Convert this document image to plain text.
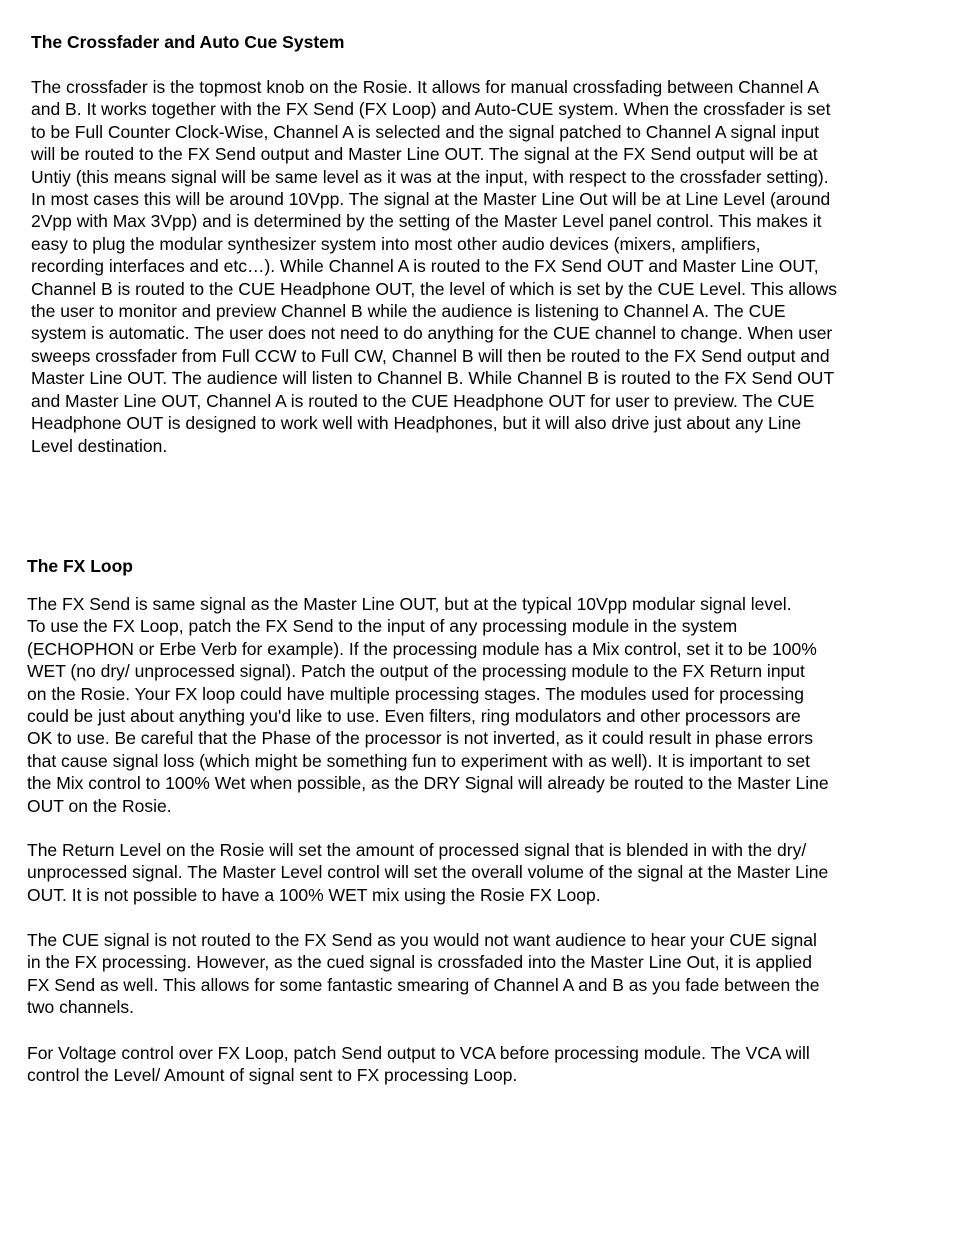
The Crossfader and Auto Cue System

The crossfader is the topmost knob on the Rosie. It allows for manual crossfading between Channel A
and B. It works together with the FX Send (FX Loop) and Auto-CUE system. When the crossfader is set
to be Full Counter Clock-Wise, Channel A is selected and the signal patched to Channel A signal input
will be routed to the FX Send output and Master Line OUT. The signal at the FX Send output will be at
Untiy (this means signal will be same level as it was at the input, with respect to the crossfader setting).
In most cases this will be around 10Vpp. The signal at the Master Line Out will be at Line Level (around
2Vpp with Max 3Vpp) and is determined by the setting of the Master Level panel control. This makes it
easy to plug the modular synthesizer system into most other audio devices (mixers, amplifiers,
recording interfaces and etc…). While Channel A is routed to the FX Send OUT and Master Line OUT,
Channel B is routed to the CUE Headphone OUT, the level of which is set by the CUE Level. This allows
the user to monitor and preview Channel B while the audience is listening to Channel A. The CUE
system is automatic. The user does not need to do anything for the CUE channel to change. When user
sweeps crossfader from Full CCW to Full CW, Channel B will then be routed to the FX Send output and
Master Line OUT. The audience will listen to Channel B. While Channel B is routed to the FX Send OUT
and Master Line OUT, Channel A is routed to the CUE Headphone OUT for user to preview. The CUE
Headphone OUT is designed to work well with Headphones, but it will also drive just about any Line
Level destination.

The FX Loop

The FX Send is same signal as the Master Line OUT, but at the typical 10Vpp modular signal level.
To use the FX Loop, patch the FX Send to the input of any processing module in the system
(ECHOPHON or Erbe Verb for example). If the processing module has a Mix control, set it to be 100%
WET (no dry/ unprocessed signal). Patch the output of the processing module to the FX Return input
on the Rosie. Your FX loop could have multiple processing stages. The modules used for processing
could be just about anything you'd like to use. Even filters, ring modulators and other processors are
OK to use. Be careful that the Phase of the processor is not inverted, as it could result in phase errors
that cause signal loss (which might be something fun to experiment with as well). It is important to set
the Mix control to 100% Wet when possible, as the DRY Signal will already be routed to the Master Line
OUT on the Rosie.

The Return Level on the Rosie will set the amount of processed signal that is blended in with the dry/
unprocessed signal. The Master Level control will set the overall volume of the signal at the Master Line
OUT. It is not possible to have a 100% WET mix using the Rosie FX Loop.

The CUE signal is not routed to the FX Send as you would not want audience to hear your CUE signal
in the FX processing. However, as the cued signal is crossfaded into the Master Line Out, it is applied
FX Send as well. This allows for some fantastic smearing of Channel A and B as you fade between the
two channels.

For Voltage control over FX Loop, patch Send output to VCA before processing module. The VCA will
control the Level/ Amount of signal sent to FX processing Loop.
